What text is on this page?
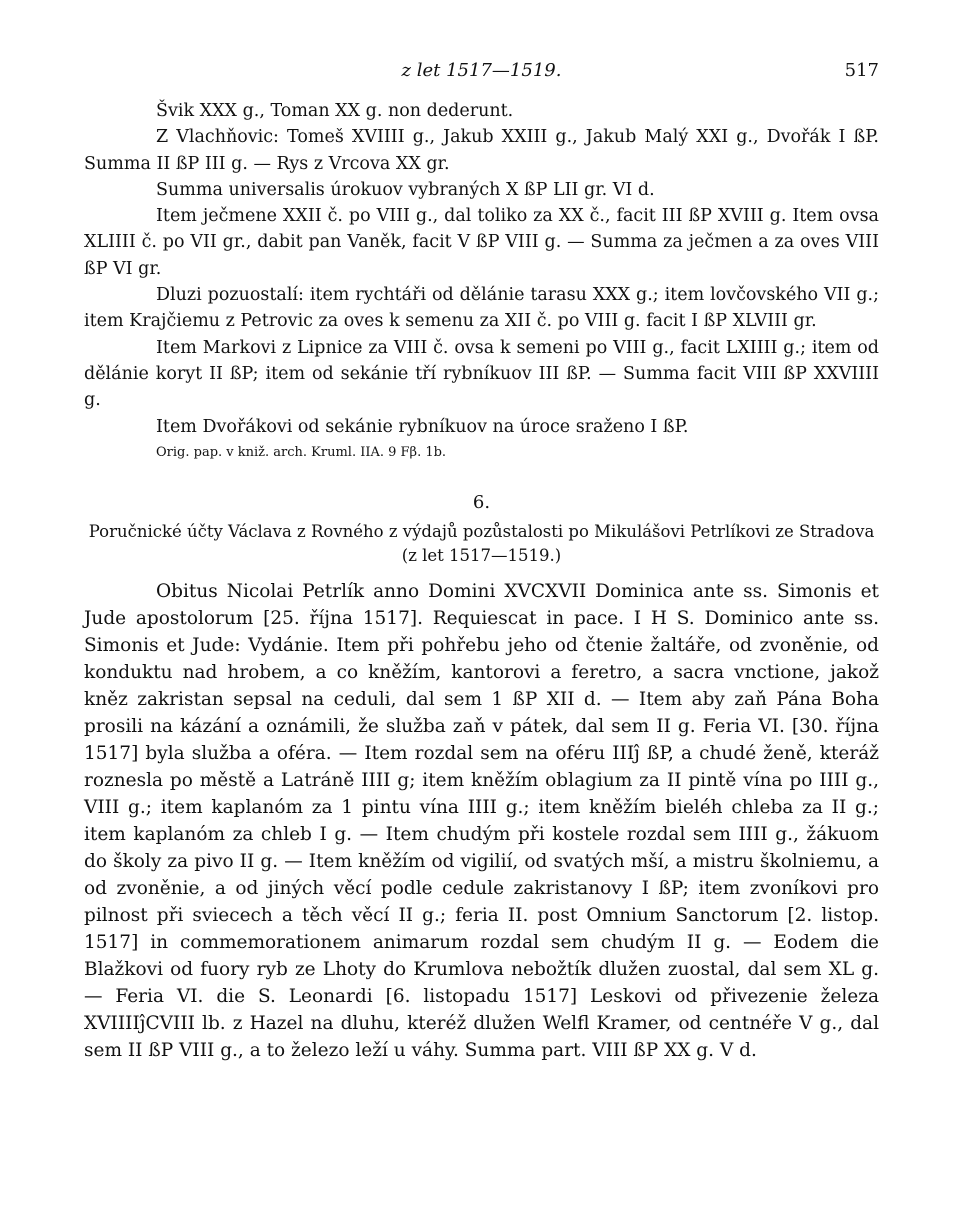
z let 1517—1519.	517

Švik XXX g., Toman XX g. non dederunt.

Z Vlachňovic: Tomeš XVIIII g., Jakub XXIII g., Jakub Malý XXI g., Dvořák I ßP. Summa II ßP III g. — Rys z Vrcova XX gr.

Summa universalis úrokuov vybraných X ßP LII gr. VI d.

Item ječmene XXII č. po VIII g., dal toliko za XX č., facit III ßP XVIII g. Item ovsa XLIIII č. po VII gr., dabit pan Vaněk, facit V ßP VIII g. — Summa za ječmen a za oves VIII ßP VI gr.

Dluzi pozuostalí: item rychtáři od dělánie tarasu XXX g.; item lovčovského VII g.; item Krajčiemu z Petrovic za oves k semenu za XII č. po VIII g. facit I ßP XLVIII gr.

Item Markovi z Lipnice za VIII č. ovsa k semeni po VIII g., facit LXIIII g.; item od dělánie koryt II ßP; item od sekánie tří rybníkuov III ßP. — Summa facit VIII ßP XXVIIII g.

Item Dvořákovi od sekánie rybníkuov na úroce sraženo I ßP.

Orig. pap. v kniž. arch. Kruml. IIA. 9 Fβ. 1b.
6.
Poručnické účty Václava z Rovného z výdajů pozůstalosti po Mikulášovi Petrlíkovi ze Stradova
(z let 1517—1519.)

Obitus Nicolai Petrlík anno Domini XVCXVII Dominica ante ss. Simonis et Jude apostolorum [25. října 1517]. Requiescat in pace. I H S. Dominico ante ss. Simonis et Jude: Vydánie. Item při pohřebu jeho od čtenie žaltáře, od zvoněnie, od konduktu nad hrobem, a co kněžím, kantorovi a feretro, a sacra vnctione, jakož kněz zakristan sepsal na ceduli, dal sem 1 ßP XII d. — Item aby zaň Pána Boha prosili na kázání a oznámili, že služba zaň v pátek, dal sem II g. Feria VI. [30. října 1517] byla služba a oféra. — Item rozdal sem na oféru IIIĵ ßP, a chudé ženě, kteráž roznesla po městě a Latráně IIII g; item kněžím oblagium za II pintě vína po IIII g., VIII g.; item kaplanóm za 1 pintu vína IIII g.; item kněžím bieléh chleba za II g.; item kaplanóm za chleb I g. — Item chudým při kostele rozdal sem IIII g., žákuom do školy za pivo II g. — Item kněžím od vigilií, od svatých mší, a mistru školniemu, a od zvoněnie, a od jiných věcí podle cedule zakristanovy I ßP; item zvoníkovi pro pilnost při sviecech a těch věcí II g.; feria II. post Omnium Sanctorum [2. listop. 1517] in commemorationem animarum rozdal sem chudým II g. — Eodem die Blažkovi od fuory ryb ze Lhoty do Krumlova nebožtík dlužen zuostal, dal sem XL g. — Feria VI. die S. Leonardi [6. listopadu 1517] Leskovi od přivezenie železa XVIIIIĵCVIII lb. z Hazel na dluhu, kteréž dlužen Welfl Kramer, od centnéře V g., dal sem II ßP VIII g., a to železo leží u váhy. Summa part. VIII ßP XX g. V d.
